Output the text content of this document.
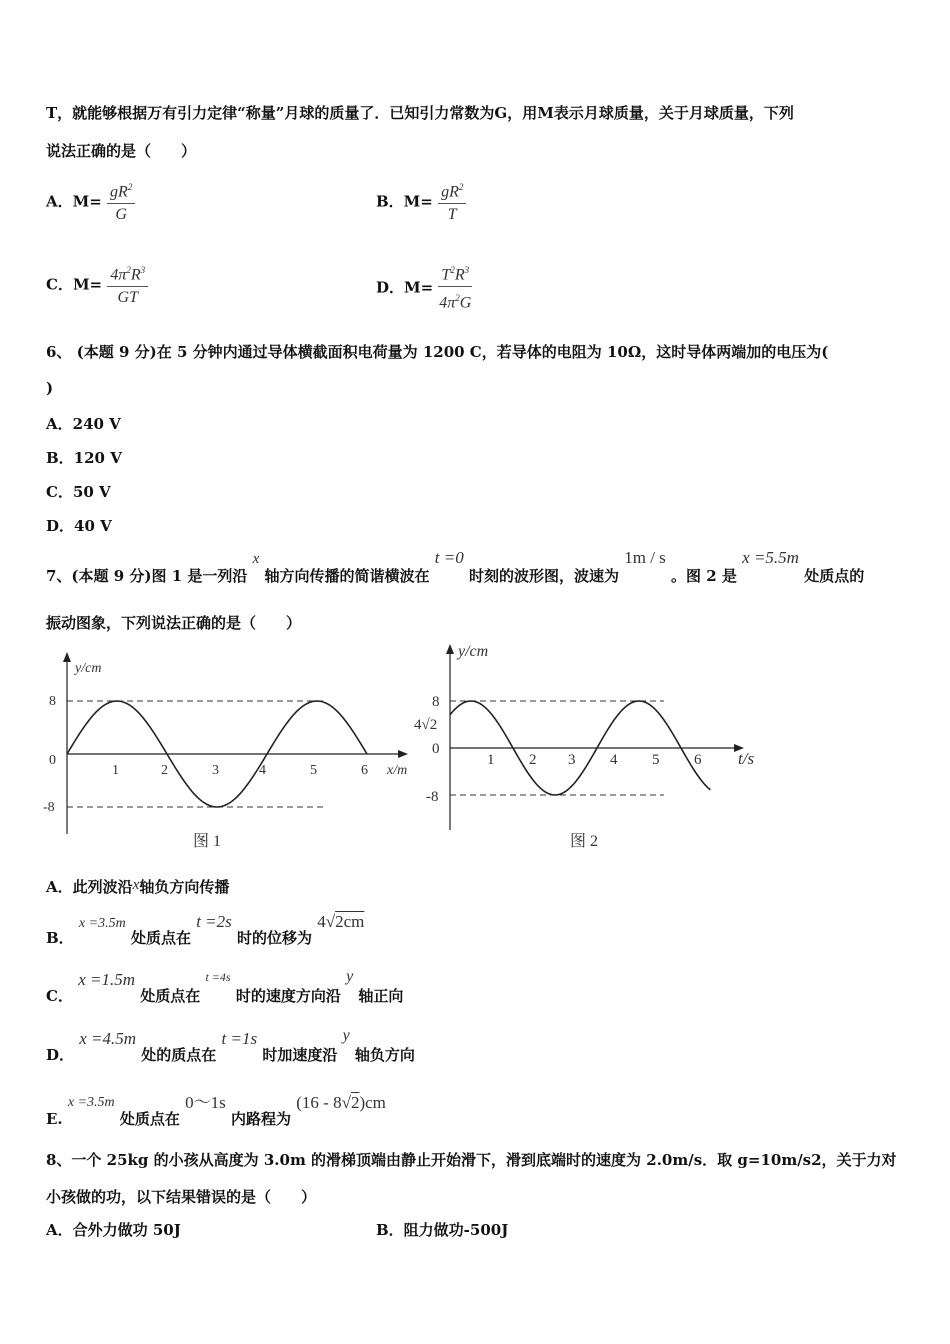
T，就能够根据万有引力定律“称量”月球的质量了．已知引力常数为G，用M表示月球质量，关于月球质量，下列
说法正确的是（　　）
A．$M= \frac{gR^2}{G}$	B．$M= \frac{gR^2}{T}$
C．$M= \frac{4\pi^2R^3}{GT}$	D．$M= \frac{T^2R^3}{4\pi^2G}$
6、 (本题 9 分)在 5 分钟内通过导体横截面积电荷量为 1200 C，若导体的电阻为 10Ω，这时导体两端加的电压为(
)
A．240 V
B．120 V
C．50 V
D．40 V
7、(本题 9 分)图 1 是一列沿 x 轴方向传播的简谐横波在 t =0 时刻的波形图，波速为 1m / s 。图 2 是 x =5.5m 处质点的
振动图象，下列说法正确的是（　　）
y/cm
8
0
-8
1	2	3	4	5	6 x/m
图 1
y/cm
8
4√2
0
-8
1 2 3 4 5 6 t/s
图 2
A．此列波沿x轴负方向传播
B． x =3.5m 处质点在 t =2s 时的位移为 4√2cm
C． x =1.5m 处质点在 $^{t =4s}$ 时的速度方向沿 y 轴正向
D． x =4.5m 处的质点在 t =1s 时加速度沿 y 轴负方向
E. x =3.5m 处质点在 0～1s 内路程为 (16 - 8√2)cm
8、一个 25kg 的小孩从高度为 3.0m 的滑梯顶端由静止开始滑下，滑到底端时的速度为 2.0m/s．取 g=10m/s2，关于力对
小孩做的功，以下结果错误的是（　　）
A．合外力做功 50J	B．阻力做功-500J
